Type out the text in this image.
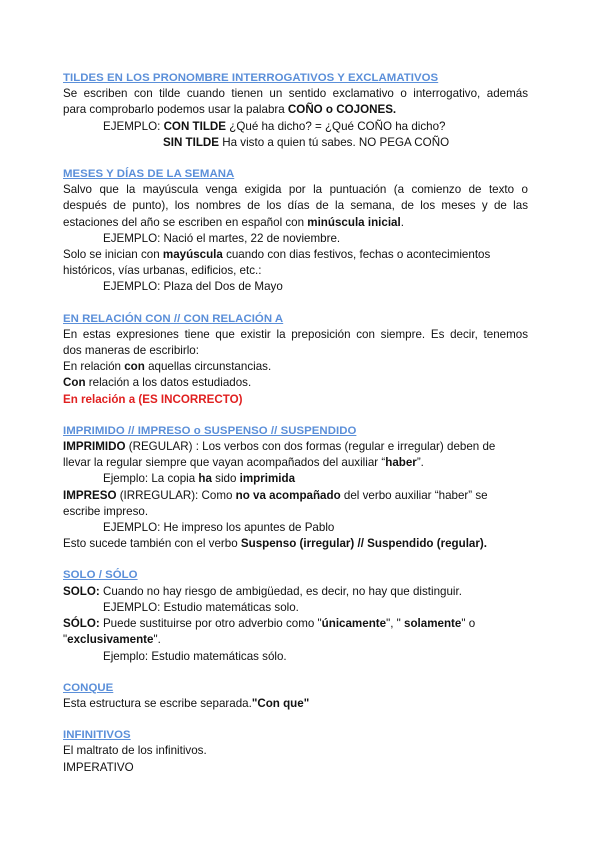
TILDES EN LOS PRONOMBRE INTERROGATIVOS Y EXCLAMATIVOS
Se escriben con tilde cuando tienen un sentido exclamativo o interrogativo, además
para comprobarlo podemos usar la palabra COÑO o COJONES.
EJEMPLO: CON TILDE ¿Qué ha dicho? = ¿Qué COÑO ha dicho?
SIN TILDE Ha visto a quien tú sabes. NO PEGA COÑO
MESES Y DÍAS DE LA SEMANA
Salvo que la mayúscula venga exigida por la puntuación (a comienzo de texto o
después de punto), los nombres de los días de la semana, de los meses y de las
estaciones del año se escriben en español con minúscula inicial.
EJEMPLO: Nació el martes, 22 de noviembre.
Solo se inician con mayúscula cuando con dias festivos, fechas o acontecimientos
históricos, vías urbanas, edificios, etc.:
EJEMPLO: Plaza del Dos de Mayo
EN RELACIÓN CON // CON RELACIÓN A
En estas expresiones tiene que existir la preposición con siempre. Es decir, tenemos
dos maneras de escribirlo:
En relación con aquellas circunstancias.
Con relación a los datos estudiados.
En relación a (ES INCORRECTO)
IMPRIMIDO // IMPRESO o SUSPENSO // SUSPENDIDO
IMPRIMIDO (REGULAR) : Los verbos con dos formas (regular e irregular) deben de
llevar la regular siempre que vayan acompañados del auxiliar “haber”.
Ejemplo: La copia ha sido imprimida
IMPRESO (IRREGULAR): Como no va acompañado del verbo auxiliar “haber” se
escribe impreso.
EJEMPLO: He impreso los apuntes de Pablo
Esto sucede también con el verbo Suspenso (irregular) // Suspendido (regular).
SOLO / SÓLO
SOLO: Cuando no hay riesgo de ambigüedad, es decir, no hay que distinguir.
EJEMPLO: Estudio matemáticas solo.
SÓLO: Puede sustituirse por otro adverbio como "únicamente", " solamente" o
"exclusivamente".
Ejemplo: Estudio matemáticas sólo.
CONQUE
Esta estructura se escribe separada."Con que"
INFINITIVOS
El maltrato de los infinitivos.
IMPERATIVO
